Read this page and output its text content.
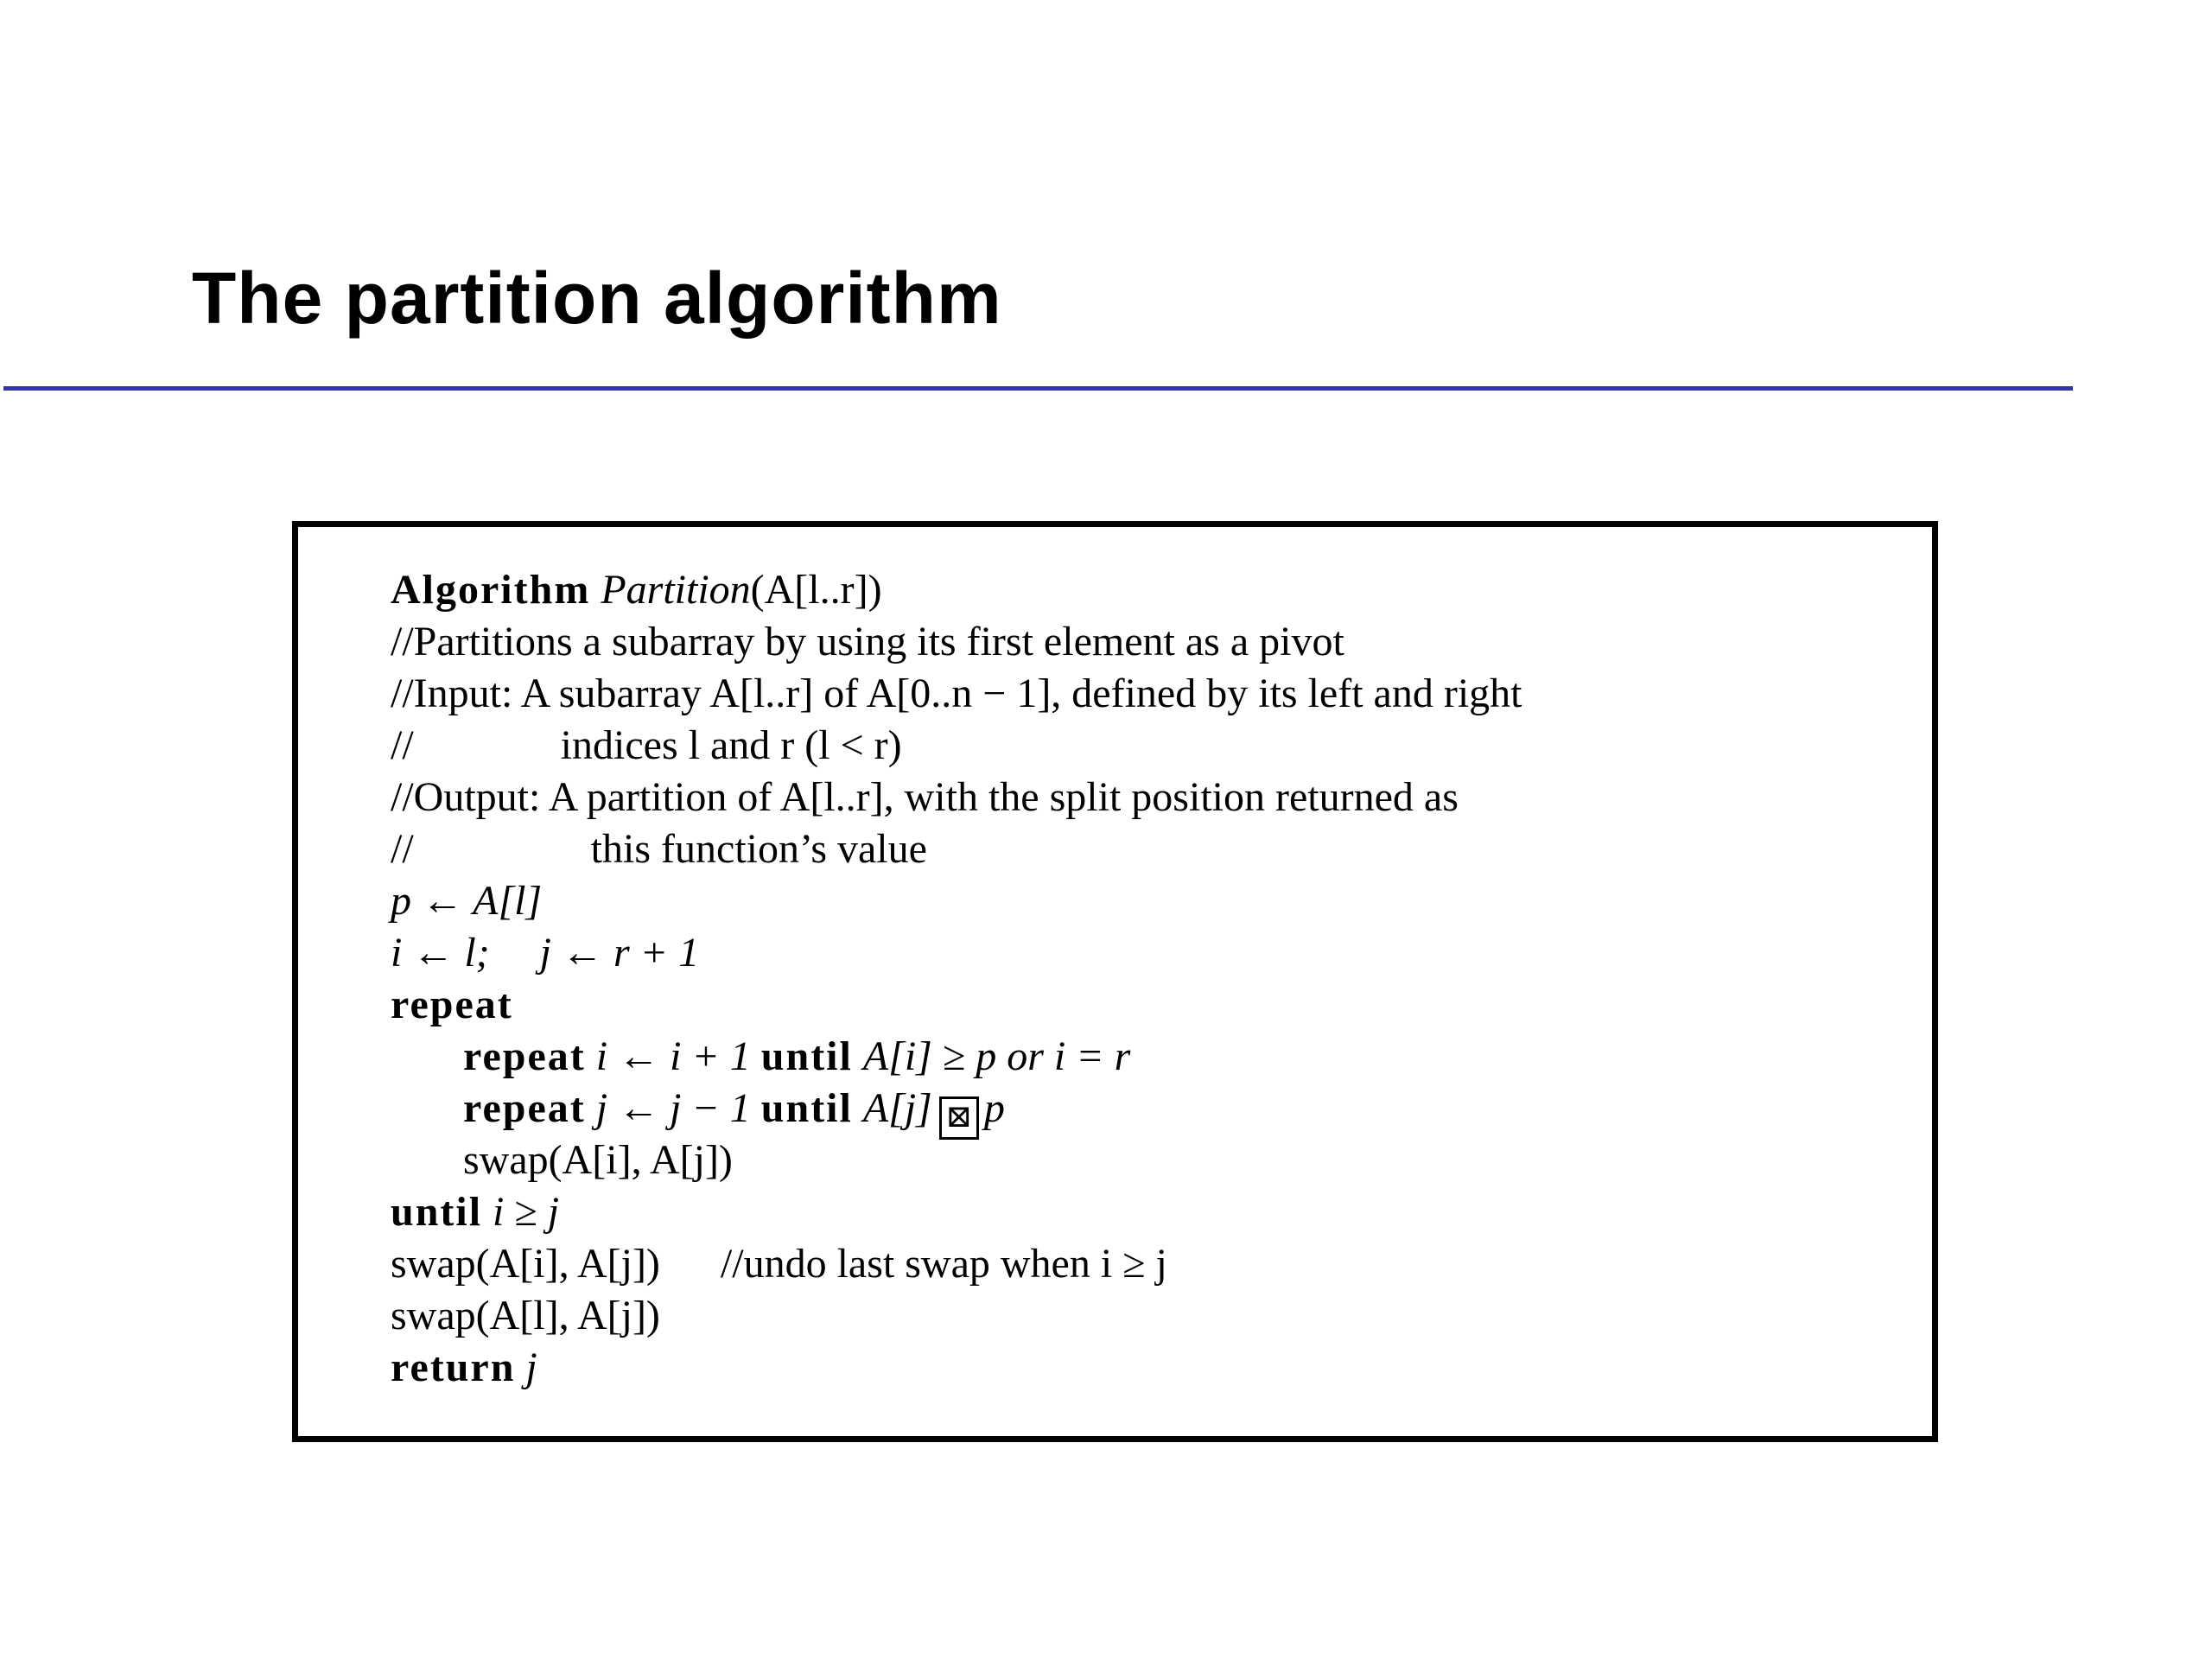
The partition algorithm
Algorithm Partition(A[l..r])
//Partitions a subarray by using its first element as a pivot
//Input: A subarray A[l..r] of A[0..n − 1], defined by its left and right
//	indices l and r (l < r)
//Output: A partition of A[l..r], with the split position returned as
//	this function’s value
p ← A[l]
i ← l; j ← r + 1
repeat
repeat i ← i + 1 until A[i] ≥ p or i = r
repeat j ← j − 1 until A[j] ⊠ p
swap(A[i], A[j])
until i ≥ j
swap(A[i], A[j]) //undo last swap when i ≥ j
swap(A[l], A[j])
return j
